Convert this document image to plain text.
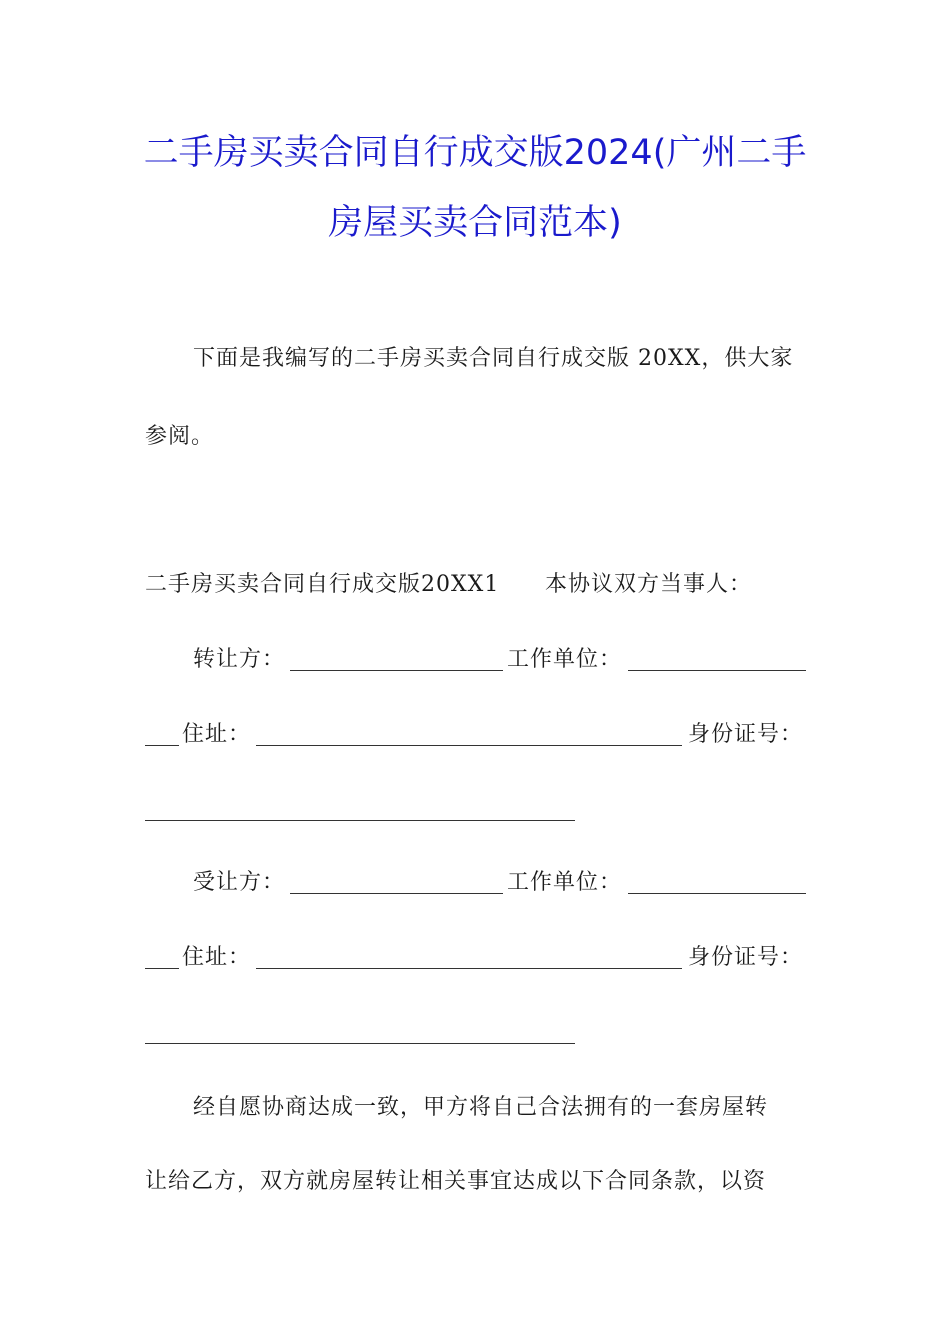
二手房买卖合同自行成交版2024(广州二手
房屋买卖合同范本)
下面是我编写的二手房买卖合同自行成交版 20XX，供大家
参阅。
二手房买卖合同自行成交版20XX1 本协议双方当事人：
转让方：	工作单位：
住址：	身份证号：
受让方：	工作单位：
住址：	身份证号：
经自愿协商达成一致，甲方将自己合法拥有的一套房屋转
让给乙方，双方就房屋转让相关事宜达成以下合同条款，以资
